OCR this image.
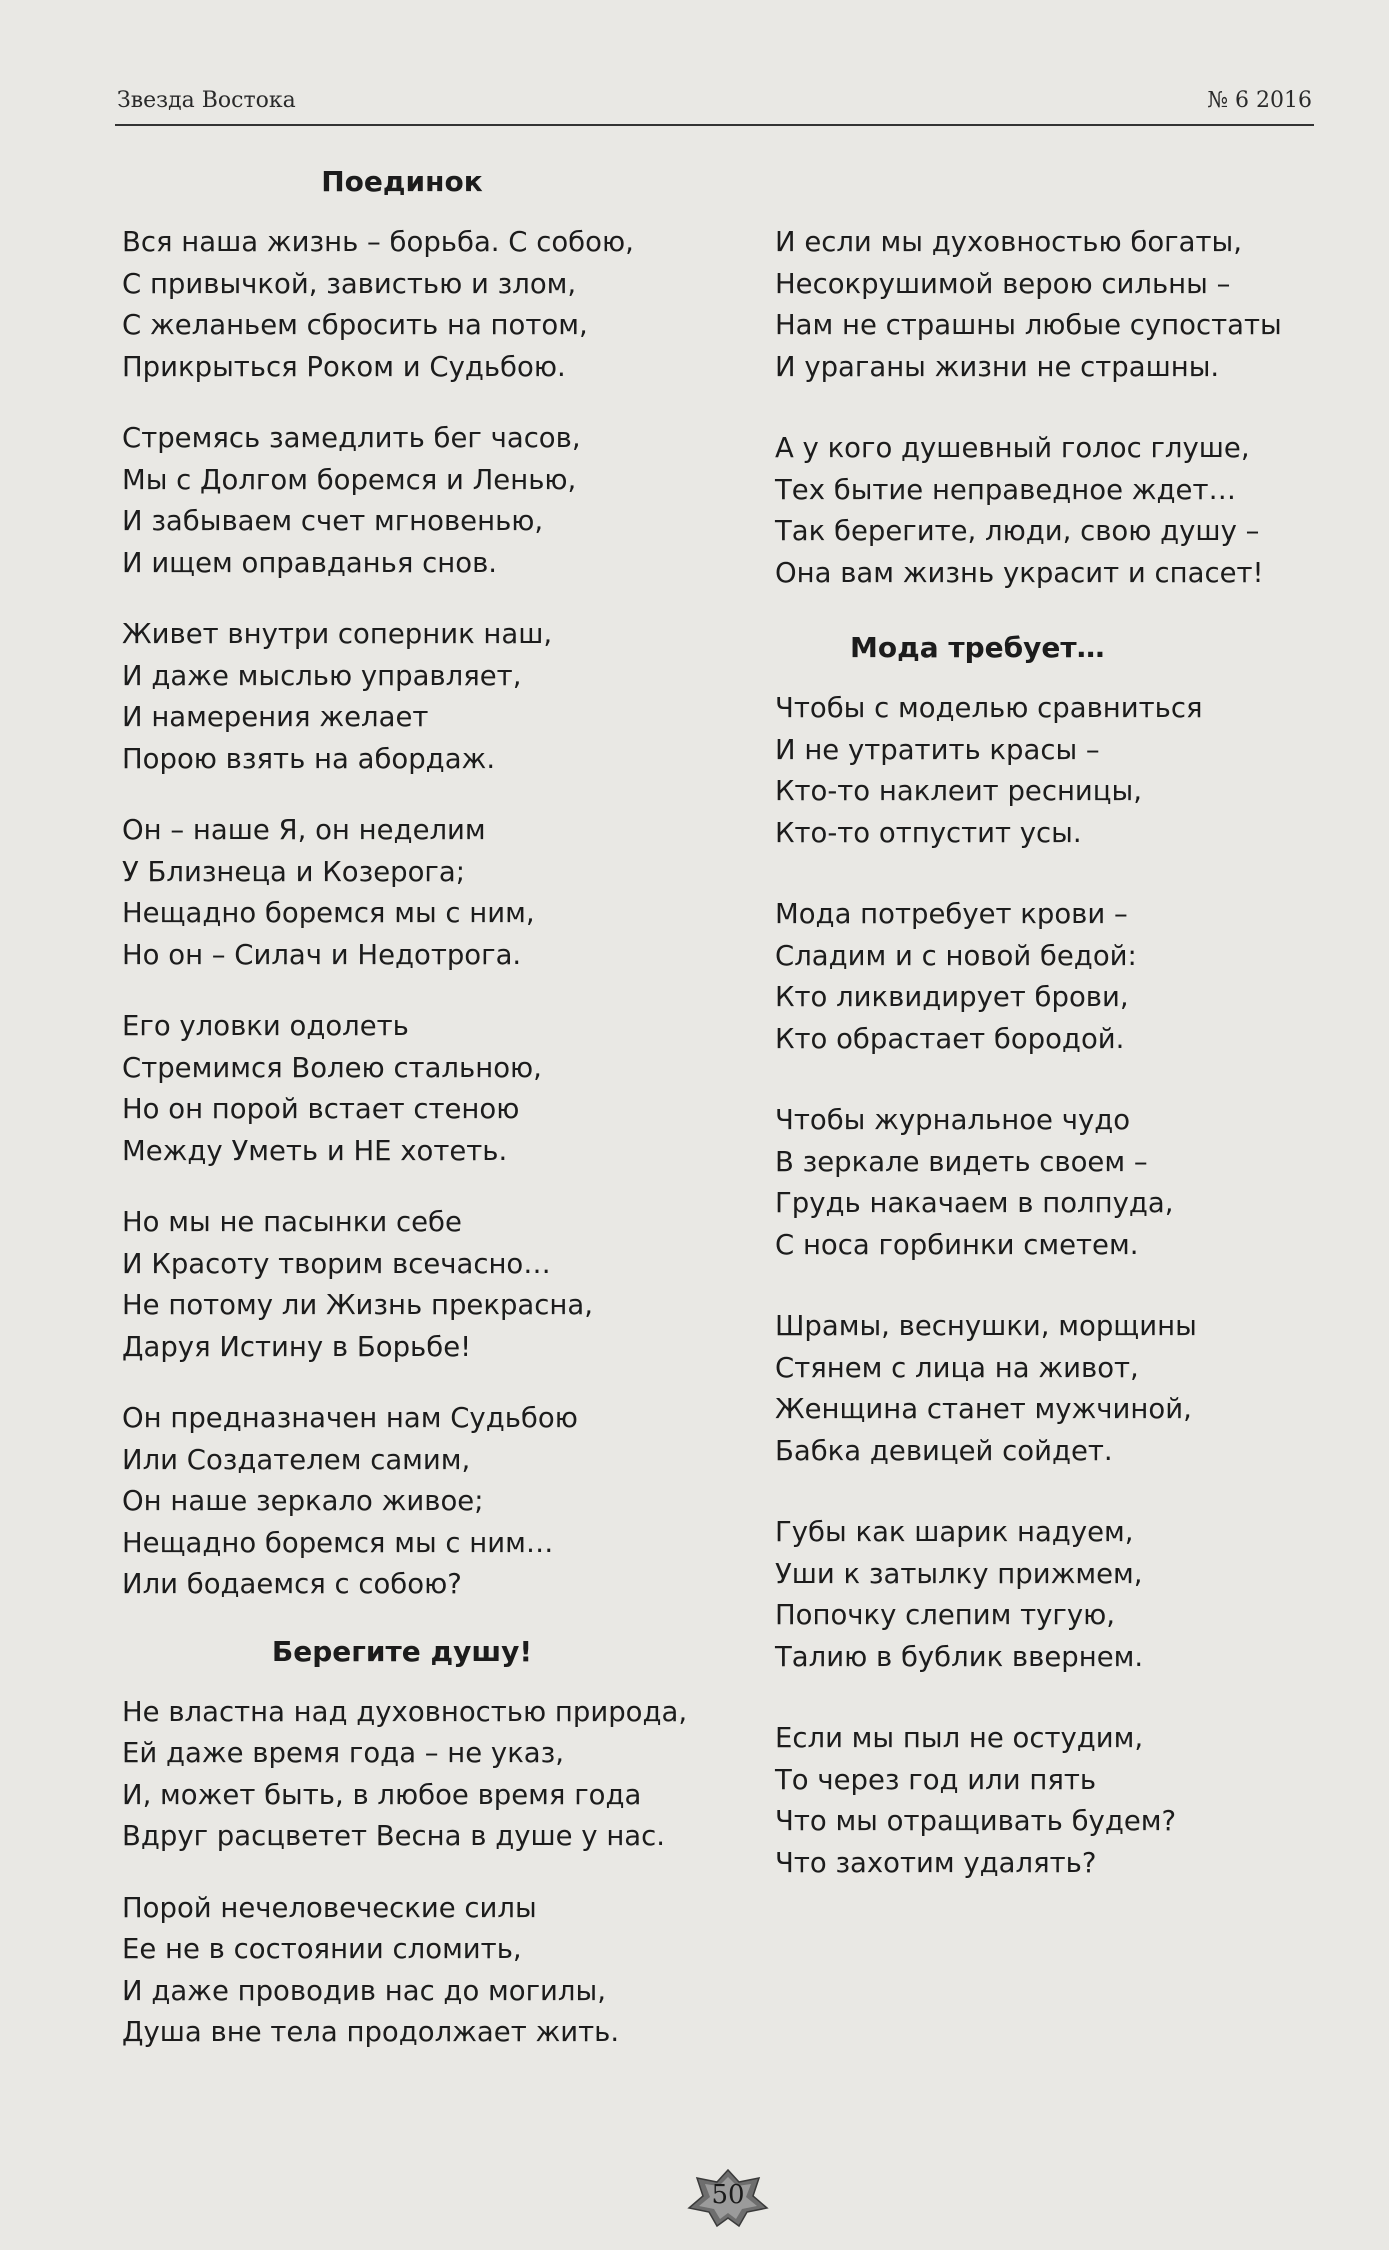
Звезда Востока	№ 6 2016
Поединок
Вся наша жизнь – борьба. С собою,
С привычкой, завистью и злом,
С желаньем сбросить на потом,
Прикрыться Роком и Судьбою.
Стремясь замедлить бег часов,
Мы с Долгом боремся и Ленью,
И забываем счет мгновенью,
И ищем оправданья снов.
Живет внутри соперник наш,
И даже мыслью управляет,
И намерения желает
Порою взять на абордаж.
Он – наше Я, он неделим
У Близнеца и Козерога;
Нещадно боремся мы с ним,
Но он – Силач и Недотрога.
Его уловки одолеть
Стремимся Волею стальною,
Но он порой встает стеною
Между Уметь и НЕ хотеть.
Но мы не пасынки себе
И Красоту творим всечасно…
Не потому ли Жизнь прекрасна,
Даруя Истину в Борьбе!
Он предназначен нам Судьбою
Или Создателем самим,
Он наше зеркало живое;
Нещадно боремся мы с ним…
Или бодаемся с собою?
Берегите душу!
Не властна над духовностью природа,
Ей даже время года – не указ,
И, может быть, в любое время года
Вдруг расцветет Весна в душе у нас.
Порой нечеловеческие силы
Ее не в состоянии сломить,
И даже проводив нас до могилы,
Душа вне тела продолжает жить.
И если мы духовностью богаты,
Несокрушимой верою сильны –
Нам не страшны любые супостаты
И ураганы жизни не страшны.
А у кого душевный голос глуше,
Тех бытие неправедное ждет…
Так берегите, люди, свою душу –
Она вам жизнь украсит и спасет!
Мода требует…
Чтобы с моделью сравниться
И не утратить красы –
Кто-то наклеит ресницы,
Кто-то отпустит усы.
Мода потребует крови –
Сладим и с новой бедой:
Кто ликвидирует брови,
Кто обрастает бородой.
Чтобы журнальное чудо
В зеркале видеть своем –
Грудь накачаем в полпуда,
С носа горбинки сметем.
Шрамы, веснушки, морщины
Стянем с лица на живот,
Женщина станет мужчиной,
Бабка девицей сойдет.
Губы как шарик надуем,
Уши к затылку прижмем,
Попочку слепим тугую,
Талию в бублик ввернем.
Если мы пыл не остудим,
То через год или пять
Что мы отращивать будем?
Что захотим удалять?
50
